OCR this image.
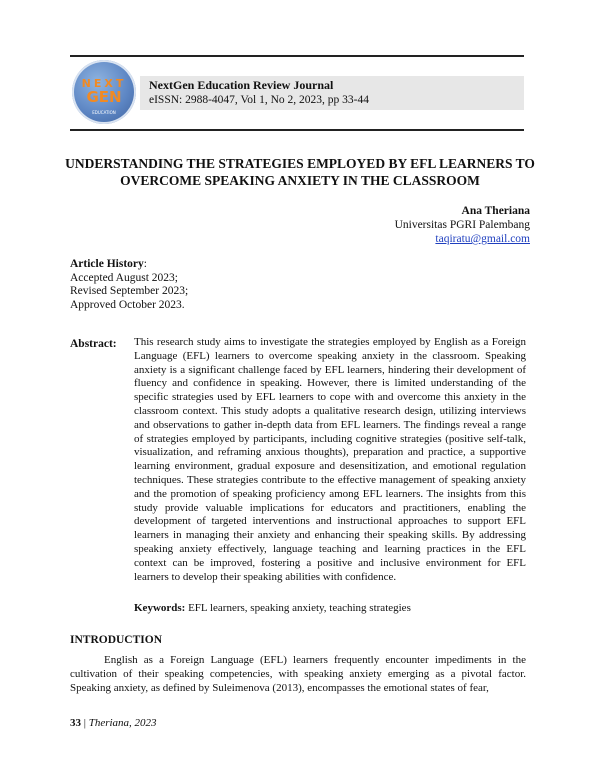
NEXT
GEN
EDUCATION
NextGen Education Review Journal
eISSN: 2988-4047, Vol 1, No 2, 2023, pp 33-44
UNDERSTANDING THE STRATEGIES EMPLOYED BY EFL LEARNERS TO OVERCOME SPEAKING ANXIETY IN THE CLASSROOM
Ana Theriana
Universitas PGRI Palembang
taqiratu@gmail.com
Article History:
Accepted August 2023;
Revised September 2023;
Approved October 2023.
Abstract: This research study aims to investigate the strategies employed by English as a Foreign Language (EFL) learners to overcome speaking anxiety in the classroom. Speaking anxiety is a significant challenge faced by EFL learners, hindering their development of fluency and confidence in speaking. However, there is limited understanding of the specific strategies used by EFL learners to cope with and overcome this anxiety in the classroom context. This study adopts a qualitative research design, utilizing interviews and observations to gather in-depth data from EFL learners. The findings reveal a range of strategies employed by participants, including cognitive strategies (positive self-talk, visualization, and reframing anxious thoughts), preparation and practice, a supportive learning environment, gradual exposure and desensitization, and emotional regulation techniques. These strategies contribute to the effective management of speaking anxiety and the promotion of speaking proficiency among EFL learners. The insights from this study provide valuable implications for educators and practitioners, enabling the development of targeted interventions and instructional approaches to support EFL learners in managing their anxiety and enhancing their speaking skills. By addressing speaking anxiety effectively, language teaching and learning practices in the EFL context can be improved, fostering a positive and inclusive environment for EFL learners to develop their speaking abilities with confidence.

Keywords: EFL learners, speaking anxiety, teaching strategies
INTRODUCTION

English as a Foreign Language (EFL) learners frequently encounter impediments in the cultivation of their speaking competencies, with speaking anxiety emerging as a pivotal factor. Speaking anxiety, as defined by Suleimenova (2013), encompasses the emotional states of fear,

33 | Theriana, 2023
